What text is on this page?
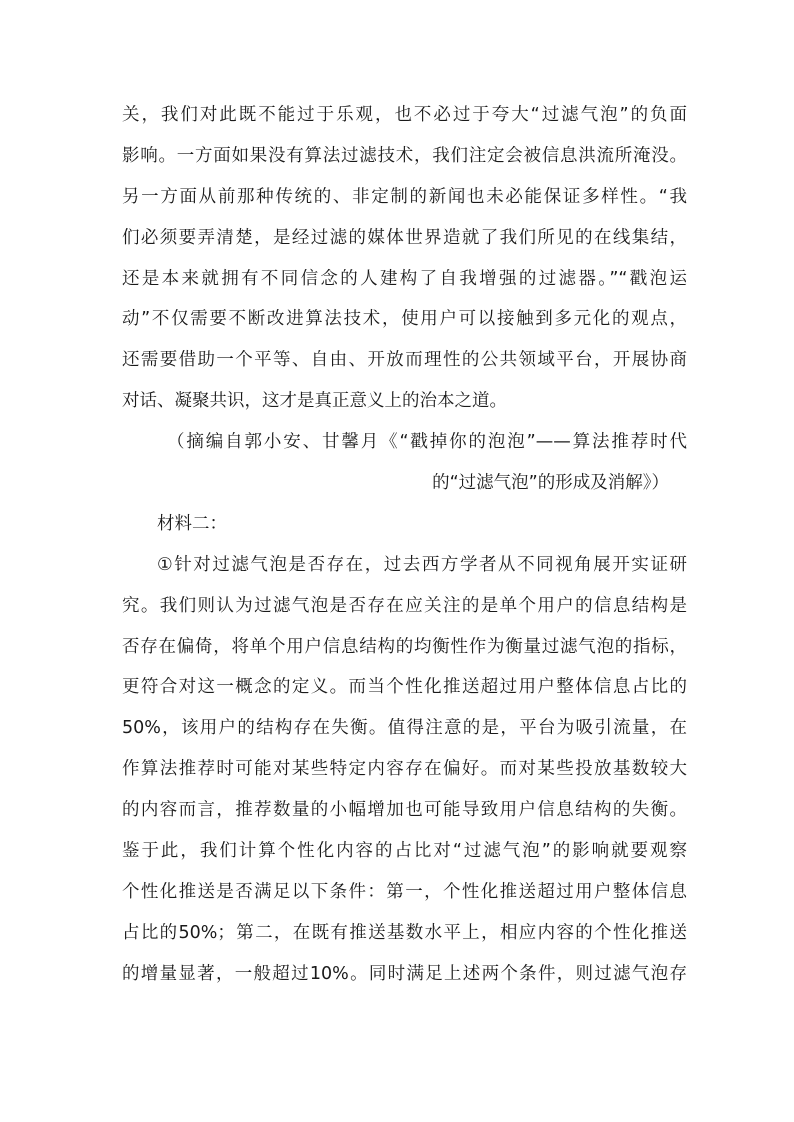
关，我们对此既不能过于乐观，也不必过于夸大“过滤气泡”的负面
影响。一方面如果没有算法过滤技术，我们注定会被信息洪流所淹没。
另一方面从前那种传统的、非定制的新闻也未必能保证多样性。“我
们必须要弄清楚，是经过滤的媒体世界造就了我们所见的在线集结，
还是本来就拥有不同信念的人建构了自我增强的过滤器。”“戳泡运
动”不仅需要不断改进算法技术，使用户可以接触到多元化的观点，
还需要借助一个平等、自由、开放而理性的公共领域平台，开展协商
对话、凝聚共识，这才是真正意义上的治本之道。
（摘编自郭小安、甘馨月《“戳掉你的泡泡”——算法推荐时代
的“过滤气泡”的形成及消解》）
材料二：
①针对过滤气泡是否存在，过去西方学者从不同视角展开实证研
究。我们则认为过滤气泡是否存在应关注的是单个用户的信息结构是
否存在偏倚，将单个用户信息结构的均衡性作为衡量过滤气泡的指标，
更符合对这一概念的定义。而当个性化推送超过用户整体信息占比的
50%，该用户的结构存在失衡。值得注意的是，平台为吸引流量，在
作算法推荐时可能对某些特定内容存在偏好。而对某些投放基数较大
的内容而言，推荐数量的小幅增加也可能导致用户信息结构的失衡。
鉴于此，我们计算个性化内容的占比对“过滤气泡”的影响就要观察
个性化推送是否满足以下条件：第一，个性化推送超过用户整体信息
占比的50%；第二，在既有推送基数水平上，相应内容的个性化推送
的增量显著，一般超过10%。同时满足上述两个条件，则过滤气泡存
